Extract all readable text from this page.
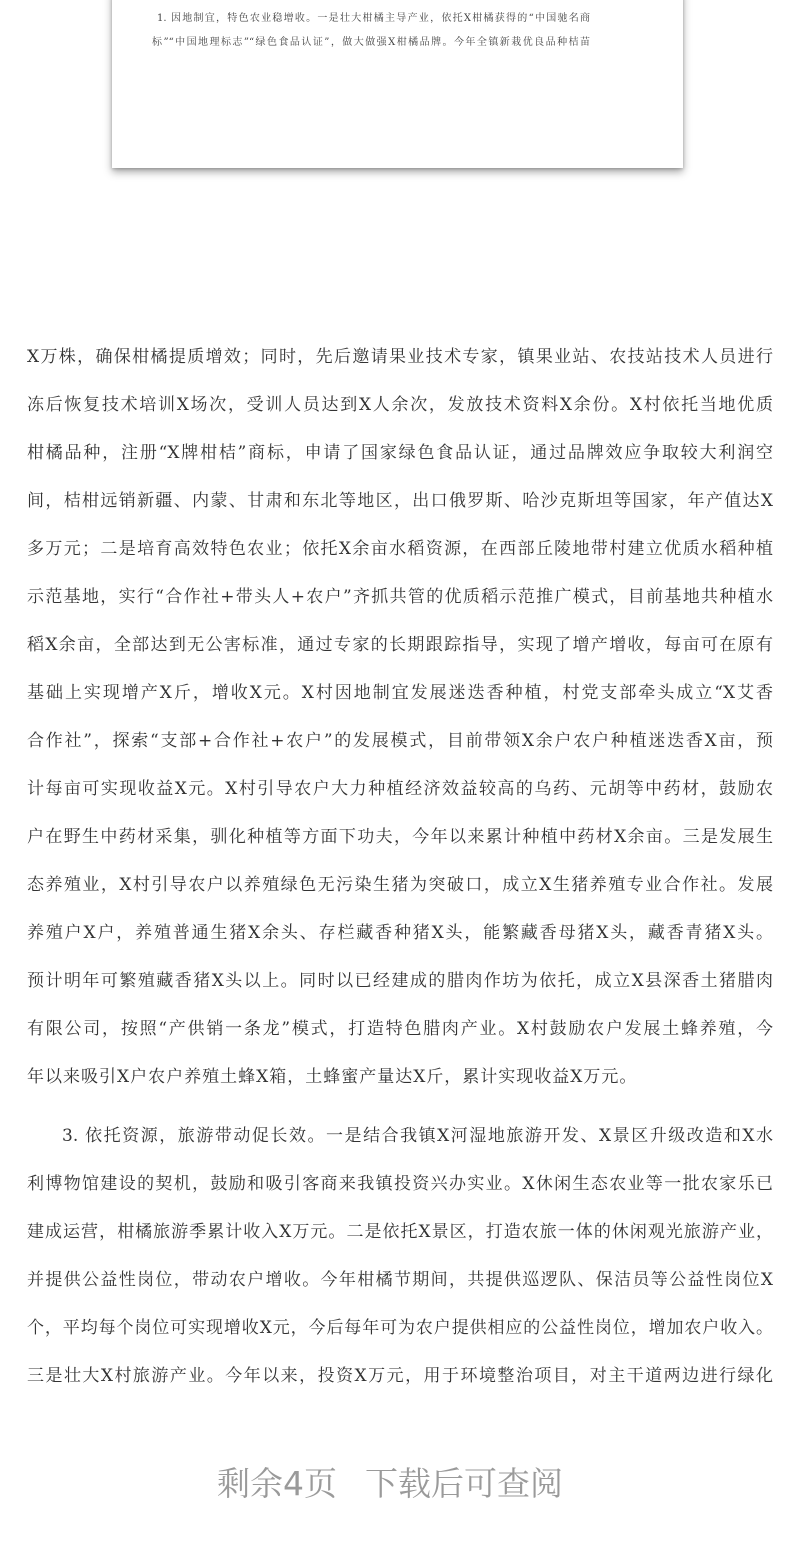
1. 因地制宜，特色农业稳增收。一是壮大柑橘主导产业，依托X柑橘获得的“中国驰名商
标”“中国地理标志”“绿色食品认证”，做大做强X柑橘品牌。今年全镇新栽优良品种桔苗
X万株，确保柑橘提质增效；同时，先后邀请果业技术专家，镇果业站、农技站技术人员进行
冻后恢复技术培训X场次，受训人员达到X人余次，发放技术资料X余份。X村依托当地优质
柑橘品种，注册“X牌柑桔”商标，申请了国家绿色食品认证，通过品牌效应争取较大利润空
间，桔柑远销新疆、内蒙、甘肃和东北等地区，出口俄罗斯、哈沙克斯坦等国家，年产值达X
多万元；二是培育高效特色农业；依托X余亩水稻资源，在西部丘陵地带村建立优质水稻种植
示范基地，实行“合作社+带头人+农户”齐抓共管的优质稻示范推广模式，目前基地共种植水
稻X余亩，全部达到无公害标准，通过专家的长期跟踪指导，实现了增产增收，每亩可在原有
基础上实现增产X斤，增收X元。X村因地制宜发展迷迭香种植，村党支部牵头成立“X艾香
合作社”，探索“支部+合作社+农户”的发展模式，目前带领X余户农户种植迷迭香X亩，预
计每亩可实现收益X元。X村引导农户大力种植经济效益较高的乌药、元胡等中药材，鼓励农
户在野生中药材采集，驯化种植等方面下功夫，今年以来累计种植中药材X余亩。三是发展生
态养殖业，X村引导农户以养殖绿色无污染生猪为突破口，成立X生猪养殖专业合作社。发展
养殖户X户，养殖普通生猪X余头、存栏藏香种猪X头，能繁藏香母猪X头，藏香青猪X头。
预计明年可繁殖藏香猪X头以上。同时以已经建成的腊肉作坊为依托，成立X县深香土猪腊肉
有限公司，按照“产供销一条龙”模式，打造特色腊肉产业。X村鼓励农户发展土蜂养殖，今
年以来吸引X户农户养殖土蜂X箱，土蜂蜜产量达X斤，累计实现收益X万元。
3. 依托资源，旅游带动促长效。一是结合我镇X河湿地旅游开发、X景区升级改造和X水
利博物馆建设的契机，鼓励和吸引客商来我镇投资兴办实业。X休闲生态农业等一批农家乐已
建成运营，柑橘旅游季累计收入X万元。二是依托X景区，打造农旅一体的休闲观光旅游产业，
并提供公益性岗位，带动农户增收。今年柑橘节期间，共提供巡逻队、保洁员等公益性岗位X
个，平均每个岗位可实现增收X元，今后每年可为农户提供相应的公益性岗位，增加农户收入。
三是壮大X村旅游产业。今年以来，投资X万元，用于环境整治项目，对主干道两边进行绿化
剩余4页 下载后可查阅
